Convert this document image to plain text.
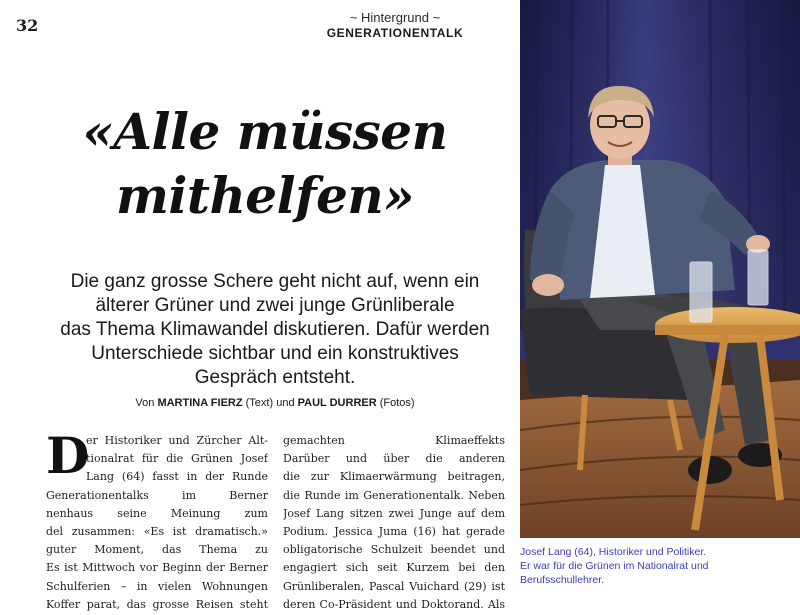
32	~ Hintergrund ~
GENERATIONENTALK
«Alle müssen
mithelfen»

Die ganz grosse Schere geht nicht auf, wenn ein
älterer Grüner und zwei junge Grünliberale
das Thema Klimawandel diskutieren. Dafür werden
Unterschiede sichtbar und ein konstruktives
Gespräch entsteht.

Von MARTINA FIERZ (Text) und PAUL DURRER (Fotos)
D
er Historiker und Zürcher Alt-
tionalrat für die Grünen Josef
Lang (64) fasst in der Runde
Generationentalks im Berner
nenhaus seine Meinung zum
del zusammen: «Es ist dramatisch.»
guter Moment, das Thema zu
Es ist Mittwoch vor Beginn der Berner
Schulferien – in vielen Wohnungen
Koffer parat, das grosse Reisen steht
gemachten Klimaeffekts
Darüber und über die anderen
die zur Klimaerwärmung beitragen,
die Runde im Generationentalk. Neben
Josef Lang sitzen zwei Junge auf dem
Podium. Jessica Juma (16) hat gerade
obligatorische Schulzeit beendet und
engagiert sich seit Kurzem bei den
Grünliberalen, Pascal Vuichard (29) ist
deren Co-Präsident und Doktorand. Als
Josef Lang (64), Historiker und Politiker.
Er war für die Grünen im Nationalrat und
Berufsschullehrer.
